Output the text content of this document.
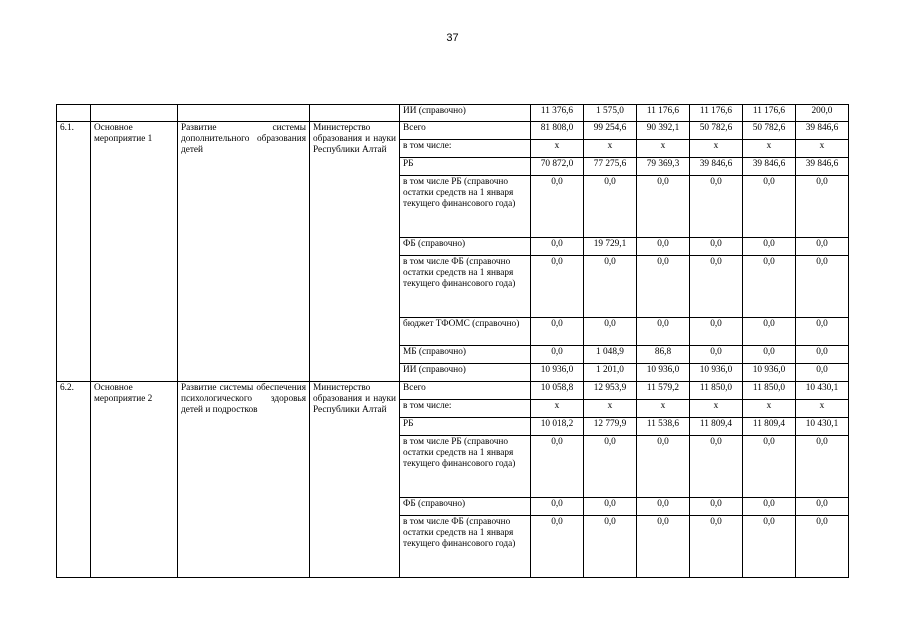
37
				ИИ (справочно)	11 376,6	1 575,0	11 176,6	11 176,6	11 176,6	200,0
6.1.	Основное мероприятие 1	Развитие системы дополнительного образования детей	Министерство образования и науки Республики Алтай	Всего	81 808,0	99 254,6	90 392,1	50 782,6	50 782,6	39 846,6
				в том числе:	х	х	х	х	х	х
				РБ	70 872,0	77 275,6	79 369,3	39 846,6	39 846,6	39 846,6
				в том числе РБ (справочно остатки средств на 1 января текущего финансового года)	0,0	0,0	0,0	0,0	0,0	0,0
				ФБ (справочно)	0,0	19 729,1	0,0	0,0	0,0	0,0
				в том числе ФБ (справочно остатки средств на 1 января текущего финансового года)	0,0	0,0	0,0	0,0	0,0	0,0
				бюджет ТФОМС (справочно)	0,0	0,0	0,0	0,0	0,0	0,0
				МБ (справочно)	0,0	1 048,9	86,8	0,0	0,0	0,0
				ИИ (справочно)	10 936,0	1 201,0	10 936,0	10 936,0	10 936,0	0,0
6.2.	Основное мероприятие 2	Развитие системы обеспечения психологического здоровья детей и подростков	Министерство образования и науки Республики Алтай	Всего	10 058,8	12 953,9	11 579,2	11 850,0	11 850,0	10 430,1
				в том числе:	х	х	х	х	х	х
				РБ	10 018,2	12 779,9	11 538,6	11 809,4	11 809,4	10 430,1
				в том числе РБ (справочно остатки средств на 1 января текущего финансового года)	0,0	0,0	0,0	0,0	0,0	0,0
				ФБ (справочно)	0,0	0,0	0,0	0,0	0,0	0,0
				в том числе ФБ (справочно остатки средств на 1 января текущего финансового года)	0,0	0,0	0,0	0,0	0,0	0,0
